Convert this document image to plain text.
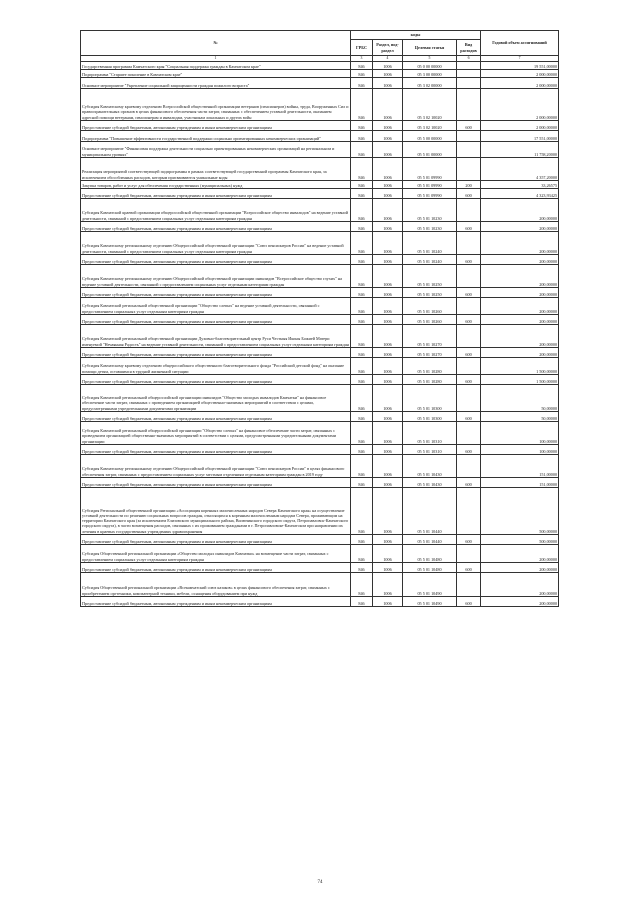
№	коды				Годовой объем ассигнований
	ГРБС	Раздел, под-раздел	Целевая статья	Вид расходов	
1	3	4	5	6	7
Государственная программа Камчатского края "Социальная поддержка граждан в Камчатском крае"	846	1006	05 0 00 00000		19 551,00000
Подпрограмма "Старшее поколение в Камчатском крае"	846	1006	05 3 00 00000		2 000,00000
Основное мероприятие "Укрепление социальной защищенности граждан пожилого возраста"	846	1006	05 3 02 00000		2 000,00000
Субсидия Камчатскому краевому отделению Всероссийской общественной организации ветеранов (пенсионеров) войны, труда, Вооруженных Сил и правоохранительных органов в целях финансового обеспечения части затрат, связанных с обеспечением уставной деятельности, оказанием адресной помощи ветеранам, пенсионерам и инвалидам, участникам локальных и других войн	846	1006	05 3 02 10020		2 000,00000
Предоставление субсидий бюджетным, автономным учреждениям и иным некоммерческим организациям	846	1006	05 3 02 10020	600	2 000,00000
Подпрограмма "Повышение эффективности государственной поддержки социально ориентированных некоммерческих организаций"	846	1006	05 5 00 00000		17 551,00000
Основное мероприятие "Финансовая поддержка деятельности социально ориентированных некоммерческих организаций на региональном и муниципальном уровнях"	846	1006	05 5 01 00000		11 758,20000
Реализация мероприятий соответствующей подпрограммы в рамках соответствующей государственной программы Камчатского края, за исключением обособленных расходов, которым присваиваются уникальные коды	846	1006	05 5 01 09990		4 357,20000
Закупка товаров, работ и услуг для обеспечения государственных (муниципальных) нужд	846	1006	05 5 01 09990	200	33,26575
Предоставление субсидий бюджетным, автономным учреждениям и иным некоммерческим организациям	846	1006	05 5 01 09990	600	4 323,93425
Субсидия Камчатской краевой организации общероссийской общественной организации "Всероссийское общество инвалидов" на ведение уставной деятельности, связанной с предоставлением социальных услуг отдельным категориям граждан	846	1006	05 5 01 10230		200,00000
Предоставление субсидий бюджетным, автономным учреждениям и иным некоммерческим организациям	846	1006	05 5 01 10230	600	200,00000
Субсидия Камчатскому региональному отделению Общероссийской общественной организации "Союз пенсионеров России" на ведение уставной деятельности, связанной с предоставлением социальных услуг отдельным категориям граждан	846	1006	05 5 01 10240		200,00000
Предоставление субсидий бюджетным, автономным учреждениям и иным некоммерческим организациям	846	1006	05 5 01 10240	600	200,00000
Субсидия Камчатскому региональному отделению Общероссийской общественной организации инвалидов "Всероссийское общество глухих" на ведение уставной деятельности, связанной с предоставлением социальных услуг отдельным категориям граждан	846	1006	05 5 01 10250		200,00000
Предоставление субсидий бюджетным, автономным учреждениям и иным некоммерческим организациям	846	1006	05 5 01 10250	600	200,00000
Субсидия Камчатской региональной общественной организации "Общество слепых" на ведение уставной деятельности, связанной с предоставлением социальных услуг отдельным категориям граждан	846	1006	05 5 01 10260		200,00000
Предоставление субсидий бюджетным, автономным учреждениям и иным некоммерческим организациям	846	1006	05 5 01 10260	600	200,00000
Субсидия Камчатской региональной общественной организации Духовно-благотворительный центр Руси Честныя Иконы Божией Матери именуемой "Нечаянная Радость" на ведение уставной деятельности, связанной с предоставлением социальных услуг отдельным категориям граждан	846	1006	05 5 01 10270		200,00000
Предоставление субсидий бюджетным, автономным учреждениям и иным некоммерческим организациям	846	1006	05 5 01 10270	600	200,00000
Субсидия Камчатскому краевому отделению общероссийского общественного благотворительного фонда "Российский детский фонд" на оказание помощи детям, оставшимся в трудной жизненной ситуации	846	1006	05 5 01 10280		1 500,00000
Предоставление субсидий бюджетным, автономным учреждениям и иным некоммерческим организациям	846	1006	05 5 01 10280	600	1 500,00000
Субсидия Камчатской региональной общероссийской организации инвалидов "Общество молодых инвалидов Камчатки" на финансовое обеспечение части затрат, связанных с проведением организацией общественно-значимых мероприятий в соответствии с целями, предусмотренными учредительными документами организации	846	1006	05 5 01 10300		50,00000
Предоставление субсидий бюджетным, автономным учреждениям и иным некоммерческим организациям	846	1006	05 5 01 10300	600	50,00000
Субсидия Камчатской региональной общероссийской организации "Общество слепых" на финансовое обеспечение части затрат, связанных с проведением организацией общественно-значимых мероприятий в соответствии с целями, предусмотренными учредительными документами организации	846	1006	05 5 01 10310		100,00000
Предоставление субсидий бюджетным, автономным учреждениям и иным некоммерческим организациям	846	1006	05 5 01 10310	600	100,00000
Субсидия Камчатскому региональному отделению Общероссийской общественной организации "Союз пенсионеров России" в целях финансового обеспечения затрат, связанных с предоставлением социальных услуг местным отделениям отдельным категориям граждан в 2019 году	846	1006	05 5 01 10430		151,00000
Предоставление субсидий бюджетным, автономным учреждениям и иным некоммерческим организациям	846	1006	05 5 01 10430	600	151,00000
Субсидия Региональной общественной организации «Ассоциация коренных малочисленных народов Севера Камчатского края» на осуществление уставной деятельности по решению социальных вопросов граждан, относящихся к коренным малочисленным народам Севера, проживающим на территории Камчатского края (за исключением Елизовского муниципального района, Вилючинского городского округа, Петропавловск-Камчатского городского округа), в части возмещения расходов, связанных с их проживанием гражданами в г. Петропавловске-Камчатском при направлении их лечения в краевых государственных учреждениях здравоохранения	846	1006	05 5 01 10440		500,00000
Предоставление субсидий бюджетным, автономным учреждениям и иным некоммерческим организациям	846	1006	05 5 01 10440	600	500,00000
Субсидия Общественной региональной организации «Общество молодых инвалидов Камчатки» на возмещение части затрат, связанных с предоставлением социальных услуг отдельным категориям граждан	846	1006	05 5 01 10480		200,00000
Предоставление субсидий бюджетным, автономным учреждениям и иным некоммерческим организациям	846	1006	05 5 01 10480	600	200,00000
Субсидия Общественной региональной организации «Всекамчатский союз казаков» в целях финансового обеспечения затрат, связанных с приобретением оргтехники, компьютерной техники, мебели, оснащения оборудованием при нужд	846	1006	05 5 01 10490		200,00000
Предоставление субсидий бюджетным, автономным учреждениям и иным некоммерческим организациям	846	1006	05 5 01 10490	600	200,00000
74
